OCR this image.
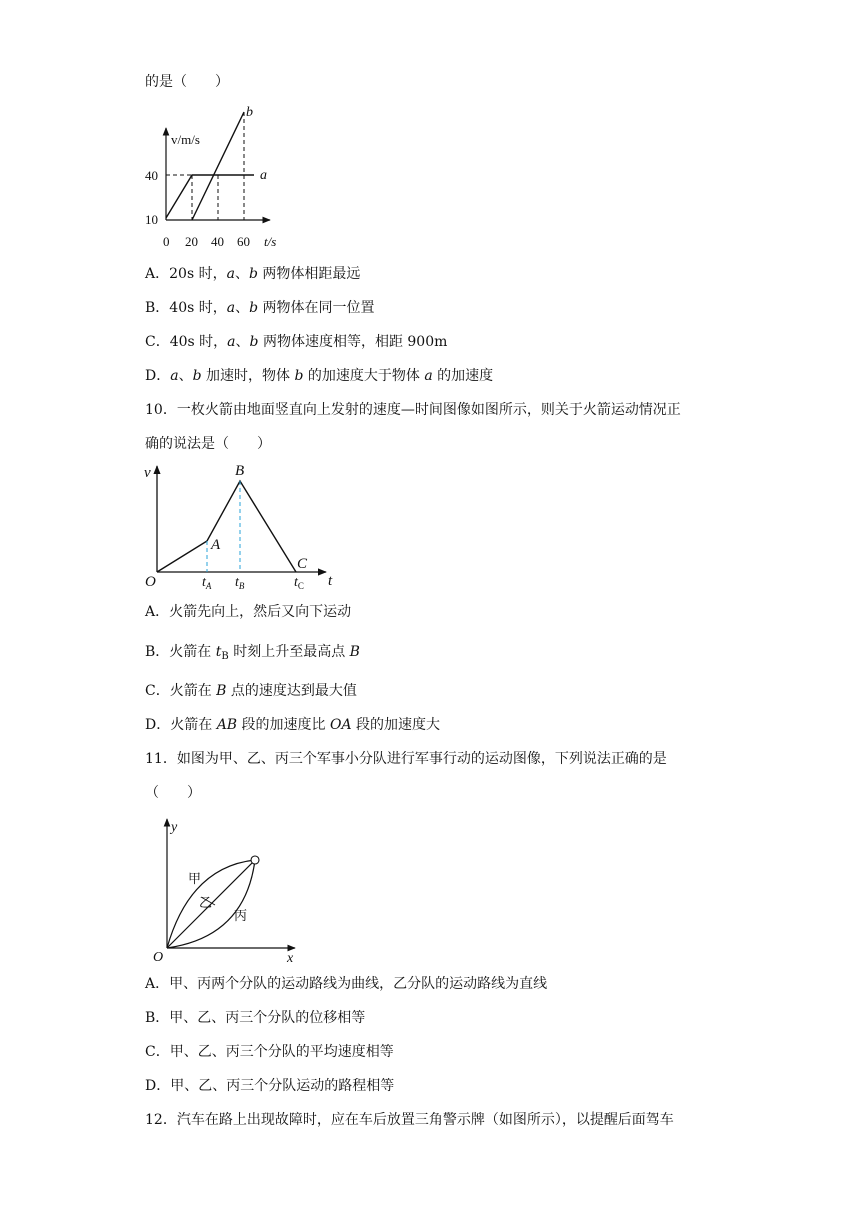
的是（　　）
v/m/s
t/s
40
10
0 20 40 60
a
b
A．20s 时，a、b 两物体相距最远
B．40s 时，a、b 两物体在同一位置
C．40s 时，a、b 两物体速度相等，相距 900m
D．a、b 加速时，物体 b 的加速度大于物体 a 的加速度
10．一枚火箭由地面竖直向上发射的速度—时间图像如图所示，则关于火箭运动情况正
确的说法是（　　）
v
t
O
A
B
C
$t_A$ $t_B$	$t_C$
A．火箭先向上，然后又向下运动
B．火箭在 $t_B$ 时刻上升至最高点 B
C．火箭在 B 点的速度达到最大值
D．火箭在 AB 段的加速度比 OA 段的加速度大
11．如图为甲、乙、丙三个军事小分队进行军事行动的运动图像，下列说法正确的是
（　　）
y
x
O
甲
乙
丙
A．甲、丙两个分队的运动路线为曲线，乙分队的运动路线为直线
B．甲、乙、丙三个分队的位移相等
C．甲、乙、丙三个分队的平均速度相等
D．甲、乙、丙三个分队运动的路程相等
12．汽车在路上出现故障时，应在车后放置三角警示牌（如图所示），以提醒后面驾车
